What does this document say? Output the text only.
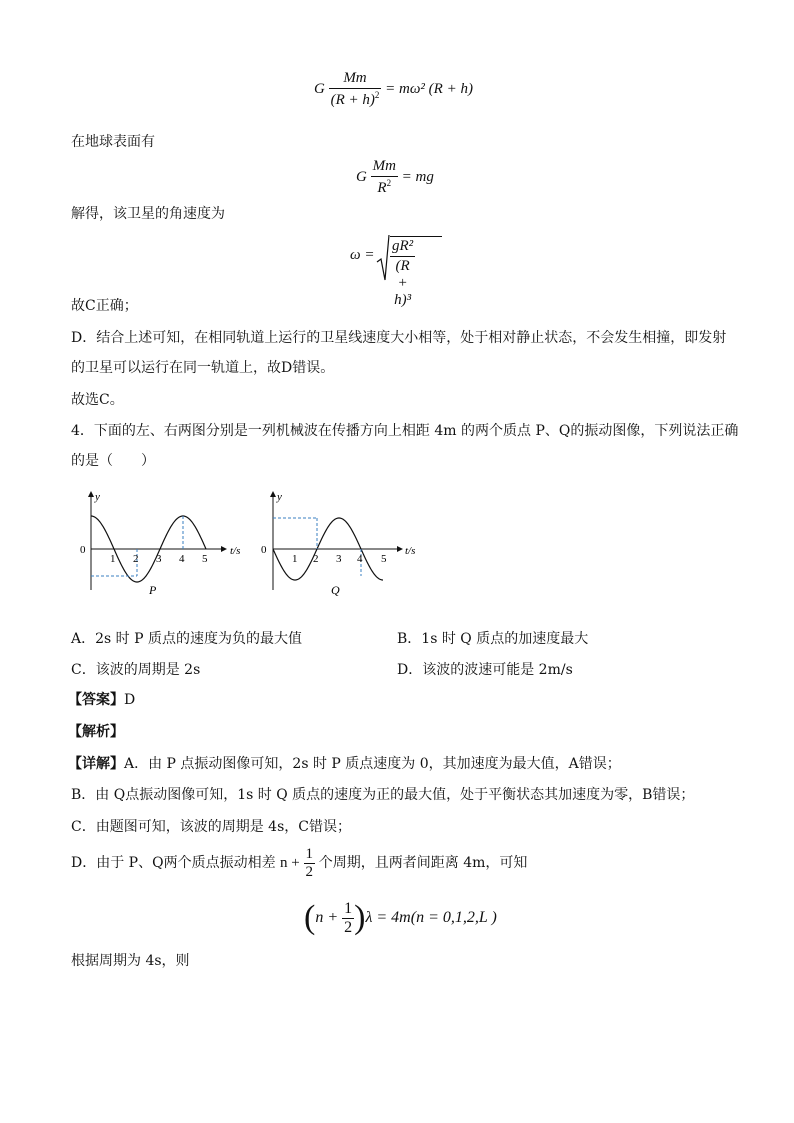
G $\frac{Mm}{(R + h)^2} = m\omega^2$ (R + h)
在地球表面有
G $\frac{Mm}{R^2}$ = mg
解得，该卫星的角速度为
$\omega = \frac{\text{gR²}}{\text{(R + h)³}}$
故C正确；
D．结合上述可知，在相同轨道上运行的卫星线速度大小相等，处于相对静止状态，不会发生相撞，即发射
的卫星可以运行在同一轨道上，故D错误。
故选C。
4．下面的左、右两图分别是一列机械波在传播方向上相距 4m 的两个质点 P、Q的振动图像，下列说法正确
的是（　　）
y
t/s
0
1 2 3 4 5
P
y
t/s
0
1 2 3 4 5
Q
A．2s 时 P 质点的速度为负的最大值	B．1s 时 Q 质点的加速度最大
C．该波的周期是 2s	D．该波的波速可能是 2m/s
【答案】D
【解析】
【详解】A．由 P 点振动图像可知，2s 时 P 质点速度为 0，其加速度为最大值，A错误；
B．由 Q点振动图像可知，1s 时 Q 质点的速度为正的最大值，处于平衡状态其加速度为零，B错误；
C．由题图可知，该波的周期是 4s，C错误；
D．由于 P、Q两个质点振动相差 $n + \frac{1}{2}$ 个周期，且两者间距离 4m，可知
$(n + \frac{1}{2} )\lambda = 4m(n = 0,1,2,L$ )
根据周期为 4s，则
